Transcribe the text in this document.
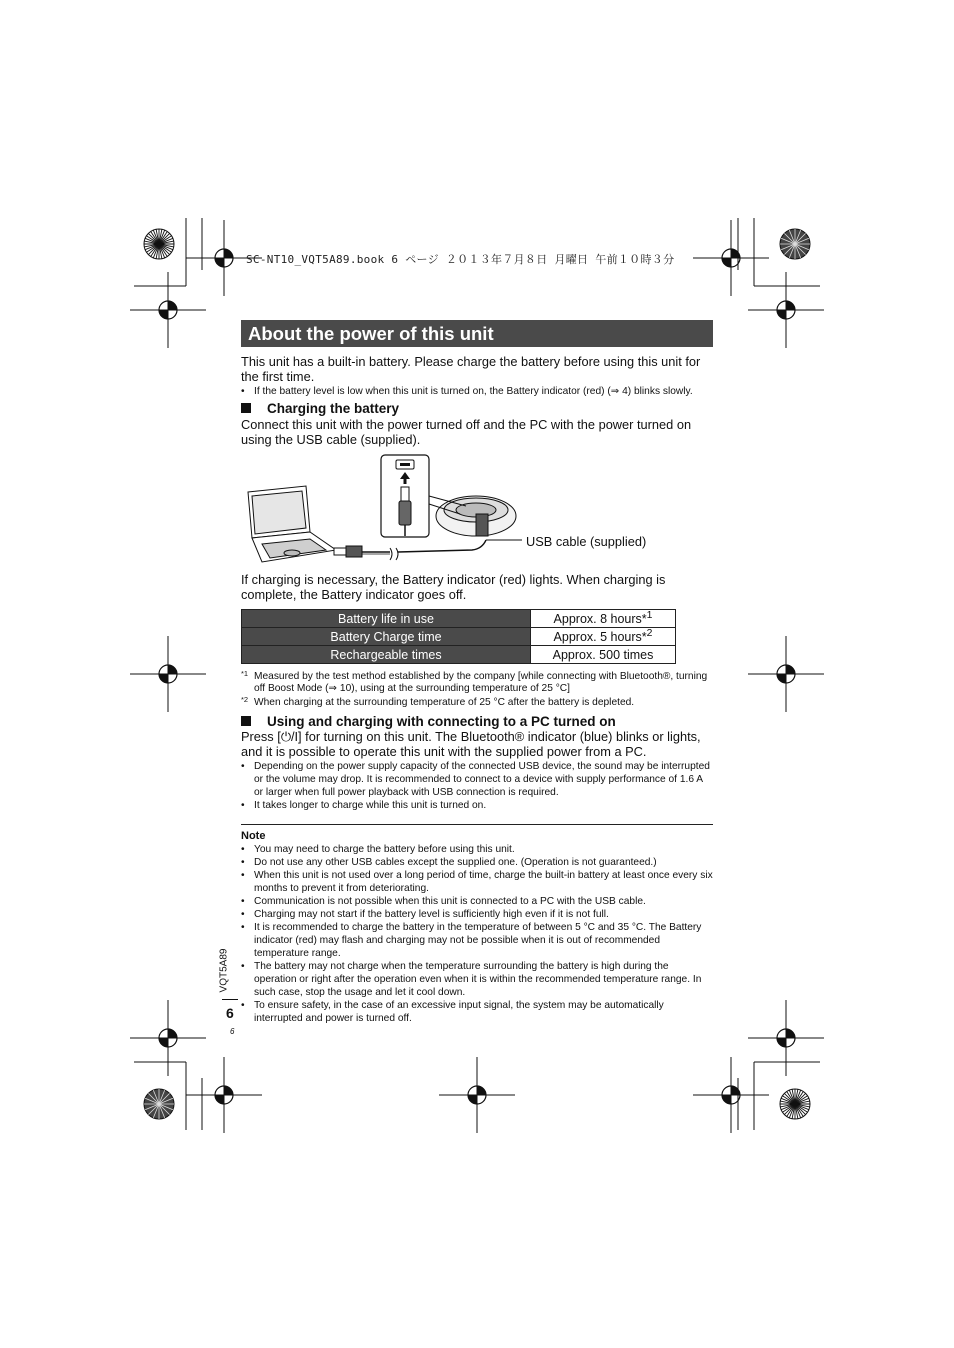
SC-NT10_VQT5A89.book 6 ページ ２０１３年７月８日 月曜日 午前１０時３分
About the power of this unit
This unit has a built-in battery. Please charge the battery before using this unit for the first time.
• If the battery level is low when this unit is turned on, the Battery indicator (red) (⇒ 4) blinks slowly.
Charging the battery
Connect this unit with the power turned off and the PC with the power turned on using the USB cable (supplied).
USB cable (supplied)
If charging is necessary, the Battery indicator (red) lights. When charging is complete, the Battery indicator goes off.
Battery life in use	Approx. 8 hours*$^1$
Battery Charge time	Approx. 5 hours*$^2$
Rechargeable times	Approx. 500 times
*1 Measured by the test method established by the company [while connecting with Bluetooth®, turning off Boost Mode (⇒ 10), using at the surrounding temperature of 25 °C]
*2 When charging at the surrounding temperature of 25 °C after the battery is depleted.
Using and charging with connecting to a PC turned on
Press [⏻/I] for turning on this unit. The Bluetooth® indicator (blue) blinks or lights, and it is possible to operate this unit with the supplied power from a PC.
• Depending on the power supply capacity of the connected USB device, the sound may be interrupted or the volume may drop. It is recommended to connect to a device with supply performance of 1.6 A or larger when full power playback with USB connection is required.
• It takes longer to charge while this unit is turned on.
Note
• You may need to charge the battery before using this unit.
• Do not use any other USB cables except the supplied one. (Operation is not guaranteed.)
• When this unit is not used over a long period of time, charge the built-in battery at least once every six months to prevent it from deteriorating.
• Communication is not possible when this unit is connected to a PC with the USB cable.
• Charging may not start if the battery level is sufficiently high even if it is not full.
• It is recommended to charge the battery in the temperature of between 5 °C and 35 °C. The Battery indicator (red) may flash and charging may not be possible when it is out of recommended temperature range.
• The battery may not charge when the temperature surrounding the battery is high during the operation or right after the operation even when it is within the recommended temperature range. In such case, stop the usage and let it cool down.
• To ensure safety, in the case of an excessive input signal, the system may be automatically interrupted and power is turned off.
VQT5A89
6
6
